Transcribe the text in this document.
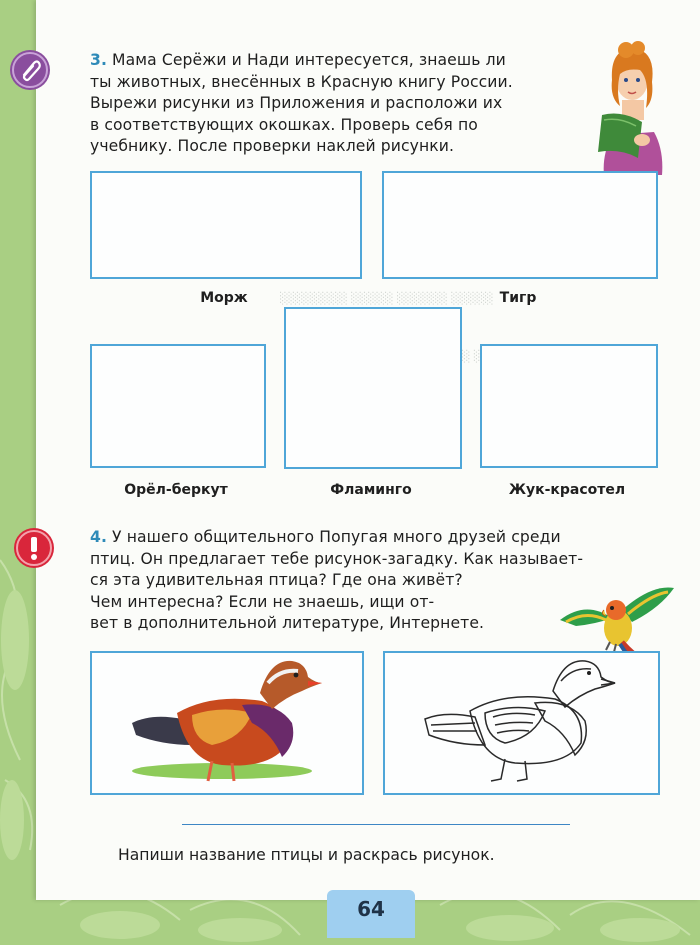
░░░░░░░░ ░░░░░ ░░░░░░ ░░░░░
3. Мама Серёжи и Нади интересуется, знаешь ли
ты животных, внесённых в Красную книгу России.
Вырежи рисунки из Приложения и расположи их
в соответствующих окошках. Проверь себя по
учебнику. После проверки наклей рисунки.
Морж	Тигр
Орёл-беркут	Фламинго	Жук-красотел
4. У нашего общительного Попугая много друзей среди
птиц. Он предлагает тебе рисунок-загадку. Как называет-
ся эта удивительная птица? Где она живёт?
Чем интересна? Если не знаешь, ищи от-
вет в дополнительной литературе, Интернете.
Напиши название птицы и раскрась рисунок.
64
